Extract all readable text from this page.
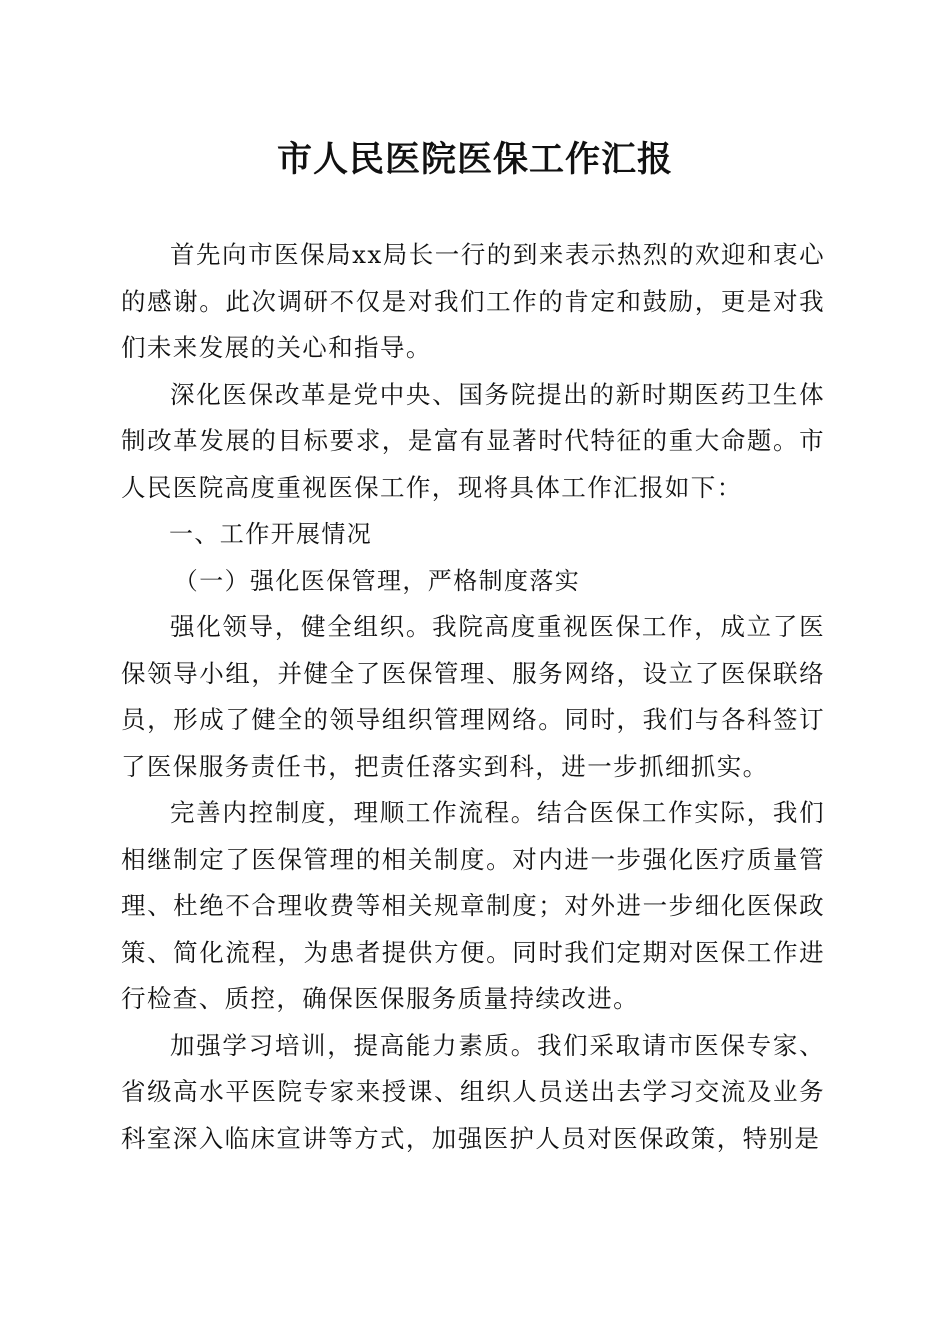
市人民医院医保工作汇报

首先向市医保局xx局长一行的到来表示热烈的欢迎和衷心的感谢。此次调研不仅是对我们工作的肯定和鼓励，更是对我们未来发展的关心和指导。

深化医保改革是党中央、国务院提出的新时期医药卫生体制改革发展的目标要求，是富有显著时代特征的重大命题。市人民医院高度重视医保工作，现将具体工作汇报如下：

一、工作开展情况

（一）强化医保管理，严格制度落实

强化领导，健全组织。我院高度重视医保工作，成立了医保领导小组，并健全了医保管理、服务网络，设立了医保联络员，形成了健全的领导组织管理网络。同时，我们与各科签订了医保服务责任书，把责任落实到科，进一步抓细抓实。

完善内控制度，理顺工作流程。结合医保工作实际，我们相继制定了医保管理的相关制度。对内进一步强化医疗质量管理、杜绝不合理收费等相关规章制度；对外进一步细化医保政策、简化流程，为患者提供方便。同时我们定期对医保工作进行检查、质控，确保医保服务质量持续改进。

加强学习培训，提高能力素质。我们采取请市医保专家、省级高水平医院专家来授课、组织人员送出去学习交流及业务科室深入临床宣讲等方式，加强医护人员对医保政策，特别是
